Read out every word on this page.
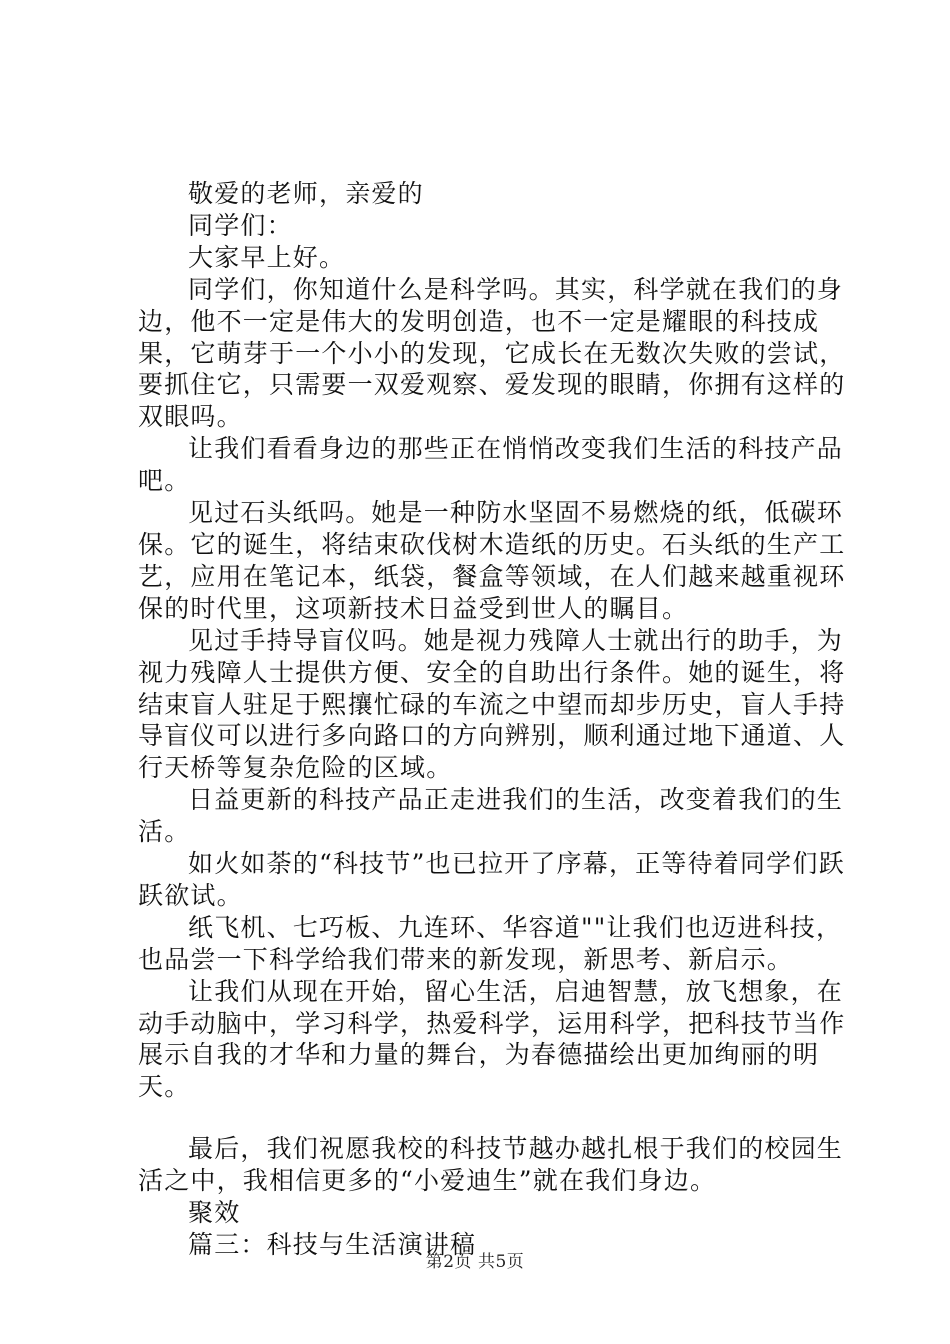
敬爱的老师，亲爱的

同学们：

大家早上好。

同学们，你知道什么是科学吗。其实，科学就在我们的身边，他不一定是伟大的发明创造，也不一定是耀眼的科技成果，它萌芽于一个小小的发现，它成长在无数次失败的尝试，要抓住它，只需要一双爱观察、爱发现的眼睛，你拥有这样的双眼吗。

让我们看看身边的那些正在悄悄改变我们生活的科技产品吧。

见过石头纸吗。她是一种防水坚固不易燃烧的纸，低碳环保。它的诞生，将结束砍伐树木造纸的历史。石头纸的生产工艺，应用在笔记本，纸袋，餐盒等领域，在人们越来越重视环保的时代里，这项新技术日益受到世人的瞩目。

见过手持导盲仪吗。她是视力残障人士就出行的助手，为视力残障人士提供方便、安全的自助出行条件。她的诞生，将结束盲人驻足于熙攘忙碌的车流之中望而却步历史，盲人手持导盲仪可以进行多向路口的方向辨别，顺利通过地下通道、人行天桥等复杂危险的区域。

日益更新的科技产品正走进我们的生活，改变着我们的生活。

如火如荼的“科技节”也已拉开了序幕，正等待着同学们跃跃欲试。

纸飞机、七巧板、九连环、华容道""让我们也迈进科技，也品尝一下科学给我们带来的新发现，新思考、新启示。

让我们从现在开始，留心生活，启迪智慧，放飞想象，在动手动脑中，学习科学，热爱科学，运用科学，把科技节当作展示自我的才华和力量的舞台，为春德描绘出更加绚丽的明天。

最后，我们祝愿我校的科技节越办越扎根于我们的校园生活之中，我相信更多的“小爱迪生”就在我们身边。

聚效

篇三：科技与生活演讲稿

第2页 共5页
